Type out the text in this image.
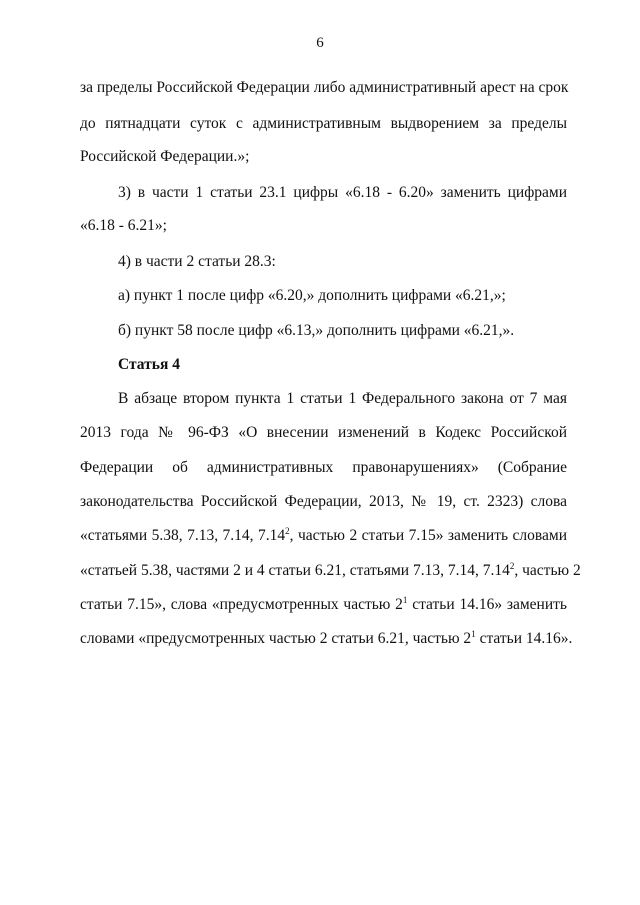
6
за пределы Российской Федерации либо административный арест на срок
до пятнадцати суток с административным выдворением за пределы
Российской Федерации.»;
3) в части 1 статьи 23.1 цифры «6.18 - 6.20» заменить цифрами
«6.18 - 6.21»;
4) в части 2 статьи 28.3:
а) пункт 1 после цифр «6.20,» дополнить цифрами «6.21,»;
б) пункт 58 после цифр «6.13,» дополнить цифрами «6.21,».
Статья 4
В абзаце втором пункта 1 статьи 1 Федерального закона от 7 мая
2013 года № 96-ФЗ «О внесении изменений в Кодекс Российской
Федерации об административных правонарушениях» (Собрание
законодательства Российской Федерации, 2013, № 19, ст. 2323) слова
«статьями 5.38, 7.13, 7.14, 7.14$^2$, частью 2 статьи 7.15» заменить словами
«статьей 5.38, частями 2 и 4 статьи 6.21, статьями 7.13, 7.14, 7.14$^2$, частью 2
статьи 7.15», слова «предусмотренных частью $2^1$ статьи 14.16» заменить
словами «предусмотренных частью 2 статьи 6.21, частью $2^1$ статьи 14.16».
